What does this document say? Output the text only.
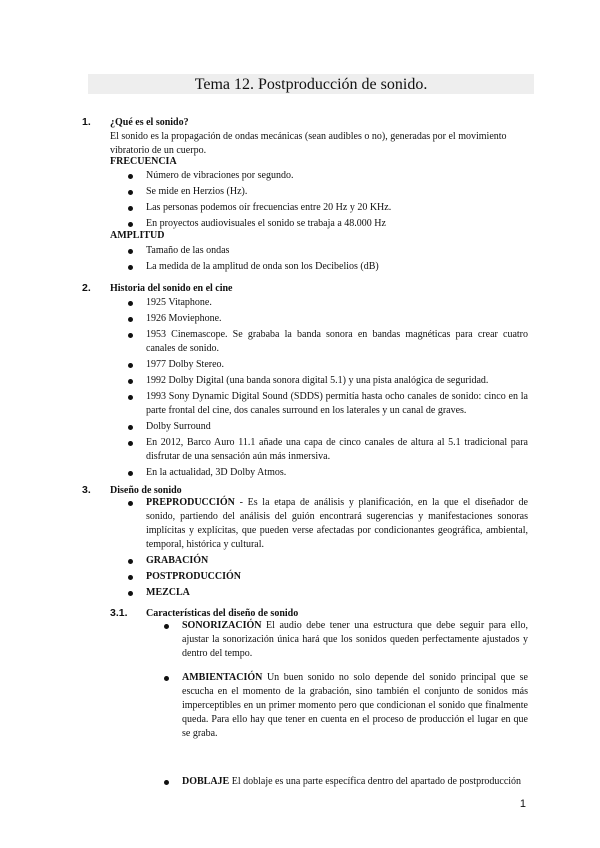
Tema 12. Postproducción de sonido.
1. ¿Qué es el sonido?
El sonido es la propagación de ondas mecánicas (sean audibles o no), generadas por el movimiento vibratorio de un cuerpo.
FRECUENCIA
Número de vibraciones por segundo.
Se mide en Herzios (Hz).
Las personas podemos oír frecuencias entre 20 Hz y 20 KHz.
En proyectos audiovisuales el sonido se trabaja a 48.000 Hz
AMPLITUD
Tamaño de las ondas
La medida de la amplitud de onda son los Decibelios (dB)
2. Historia del sonido en el cine
1925 Vitaphone.
1926 Moviephone.
1953 Cinemascope. Se grababa la banda sonora en bandas magnéticas para crear cuatro canales de sonido.
1977 Dolby Stereo.
1992 Dolby Digital (una banda sonora digital 5.1) y una pista analógica de seguridad.
1993 Sony Dynamic Digital Sound (SDDS) permitía hasta ocho canales de sonido: cinco en la parte frontal del cine, dos canales surround en los laterales y un canal de graves.
Dolby Surround
En 2012, Barco Auro 11.1 añade una capa de cinco canales de altura al 5.1 tradicional para disfrutar de una sensación aún más inmersiva.
En la actualidad, 3D Dolby Atmos.
3. Diseño de sonido
PREPRODUCCIÓN - Es la etapa de análisis y planificación, en la que el diseñador de sonido, partiendo del análisis del guión encontrará sugerencias y manifestaciones sonoras implícitas y explícitas, que pueden verse afectadas por condicionantes geográfica, ambiental, temporal, histórica y cultural.
GRABACIÓN
POSTPRODUCCIÓN
MEZCLA
3.1. Características del diseño de sonido
SONORIZACIÓN El audio debe tener una estructura que debe seguir para ello, ajustar la sonorización única hará que los sonidos queden perfectamente ajustados y dentro del tempo.
AMBIENTACIÓN Un buen sonido no solo depende del sonido principal que se escucha en el momento de la grabación, sino también el conjunto de sonidos más imperceptibles en un primer momento pero que condicionan el sonido que finalmente queda. Para ello hay que tener en cuenta en el proceso de producción el lugar en que se graba.
DOBLAJE El doblaje es una parte específica dentro del apartado de postproducción
1
